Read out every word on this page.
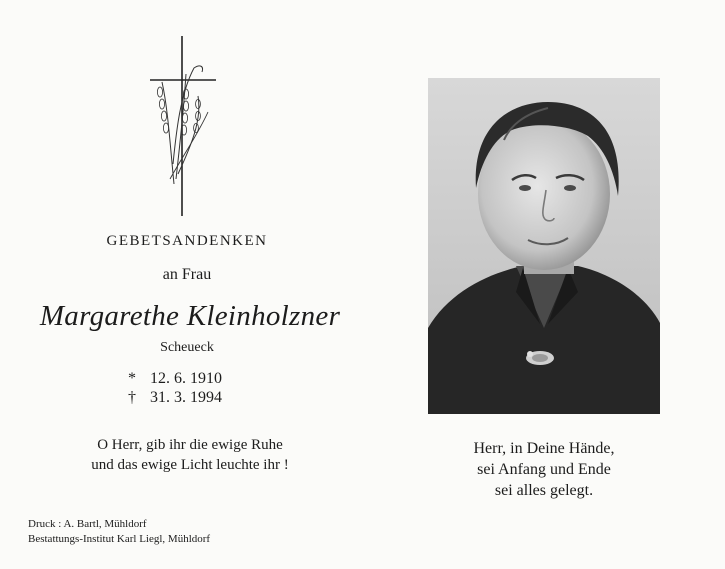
GEBETSANDENKEN
an Frau
Margarethe Kleinholzner
Scheueck
* 12. 6. 1910
† 31. 3. 1994
O Herr, gib ihr die ewige Ruhe
und das ewige Licht leuchte ihr !
Druck : A. Bartl, Mühldorf
Bestattungs-Institut Karl Liegl, Mühldorf
Herr, in Deine Hände,
sei Anfang und Ende
sei alles gelegt.
